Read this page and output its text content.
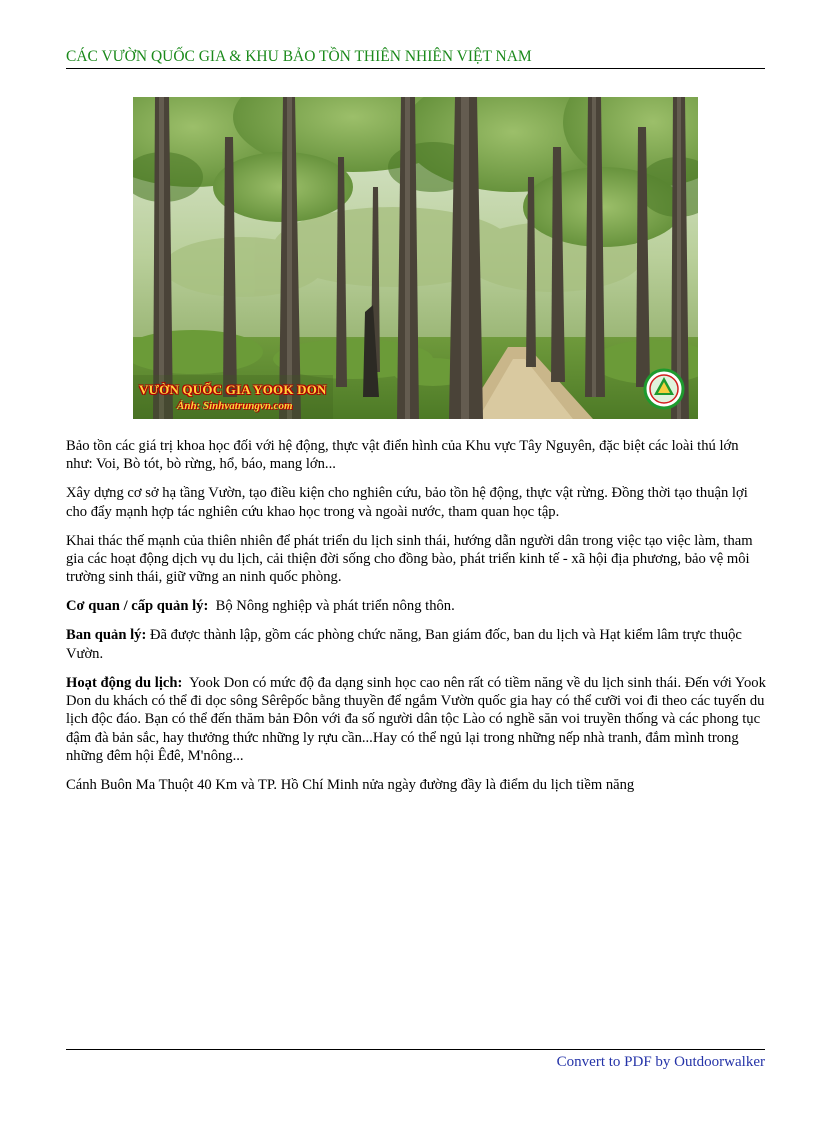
CÁC VƯỜN QUỐC GIA & KHU BẢO TỒN THIÊN NHIÊN VIỆT NAM
VƯỜN QUỐC GIA YOOK DON
Ảnh: Sinhvatrungvn.com

Bảo tồn các giá trị khoa học đối với hệ động, thực vật điển hình của Khu vực Tây Nguyên, đặc biệt các loài thú lớn như: Voi, Bò tót, bò rừng, hổ, báo, mang lớn...

Xây dựng cơ sở hạ tầng Vườn, tạo điều kiện cho nghiên cứu, bảo tồn hệ động, thực vật rừng. Đồng thời tạo thuận lợi cho đẩy mạnh hợp tác nghiên cứu khao học trong và ngoài nước, tham quan học tập.

Khai thác thế mạnh của thiên nhiên để phát triển du lịch sinh thái, hướng dẫn người dân trong việc tạo việc làm, tham gia các hoạt động dịch vụ du lịch, cải thiện đời sống cho đồng bào, phát triển kinh tế - xã hội địa phương, bảo vệ môi trường sinh thái, giữ vững an ninh quốc phòng.

Cơ quan / cấp quản lý: Bộ Nông nghiệp và phát triển nông thôn.

Ban quản lý: Đã được thành lập, gồm các phòng chức năng, Ban giám đốc, ban du lịch và Hạt kiểm lâm trực thuộc Vườn.

Hoạt động du lịch: Yook Don có mức độ đa dạng sinh học cao nên rất có tiềm năng về du lịch sinh thái. Đến với Yook Don du khách có thể đi dọc sông Sêrêpốc bằng thuyền để ngắm Vườn quốc gia hay có thể cưỡi voi đi theo các tuyến du lịch độc đáo. Bạn có thể đến thăm bản Đôn với đa số người dân tộc Lào có nghề săn voi truyền thống và các phong tục đậm đà bản sắc, hay thưởng thức những ly rựu cần...Hay có thể ngủ lại trong những nếp nhà tranh, đắm mình trong những đêm hội Êđê, M'nông...

Cánh Buôn Ma Thuột 40 Km và TP. Hồ Chí Minh nửa ngày đường đầy là điểm du lịch tiềm năng

Convert to PDF by Outdoorwalker
